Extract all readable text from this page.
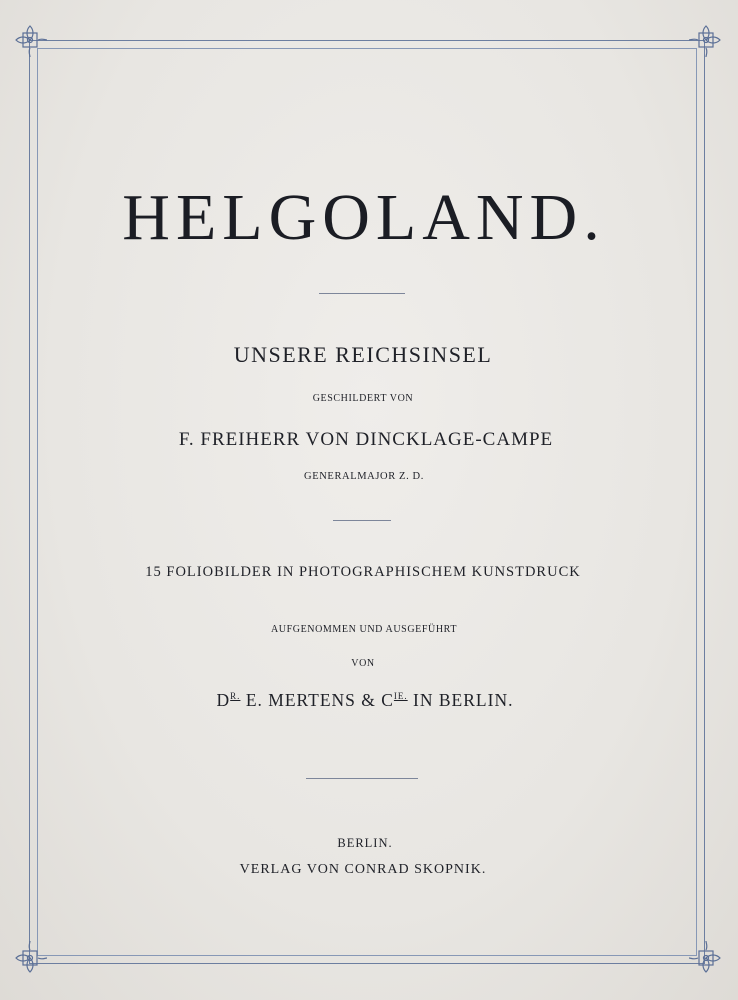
HELGOLAND.
UNSERE REICHSINSEL
GESCHILDERT VON
F. FREIHERR VON DINCKLAGE-CAMPE
GENERALMAJOR Z. D.
15 FOLIOBILDER IN PHOTOGRAPHISCHEM KUNSTDRUCK
AUFGENOMMEN UND AUSGEFÜHRT
VON
$D^{R.}$ E. MERTENS & $C^{IE.}$ IN BERLIN.
BERLIN.
VERLAG VON CONRAD SKOPNIK.
